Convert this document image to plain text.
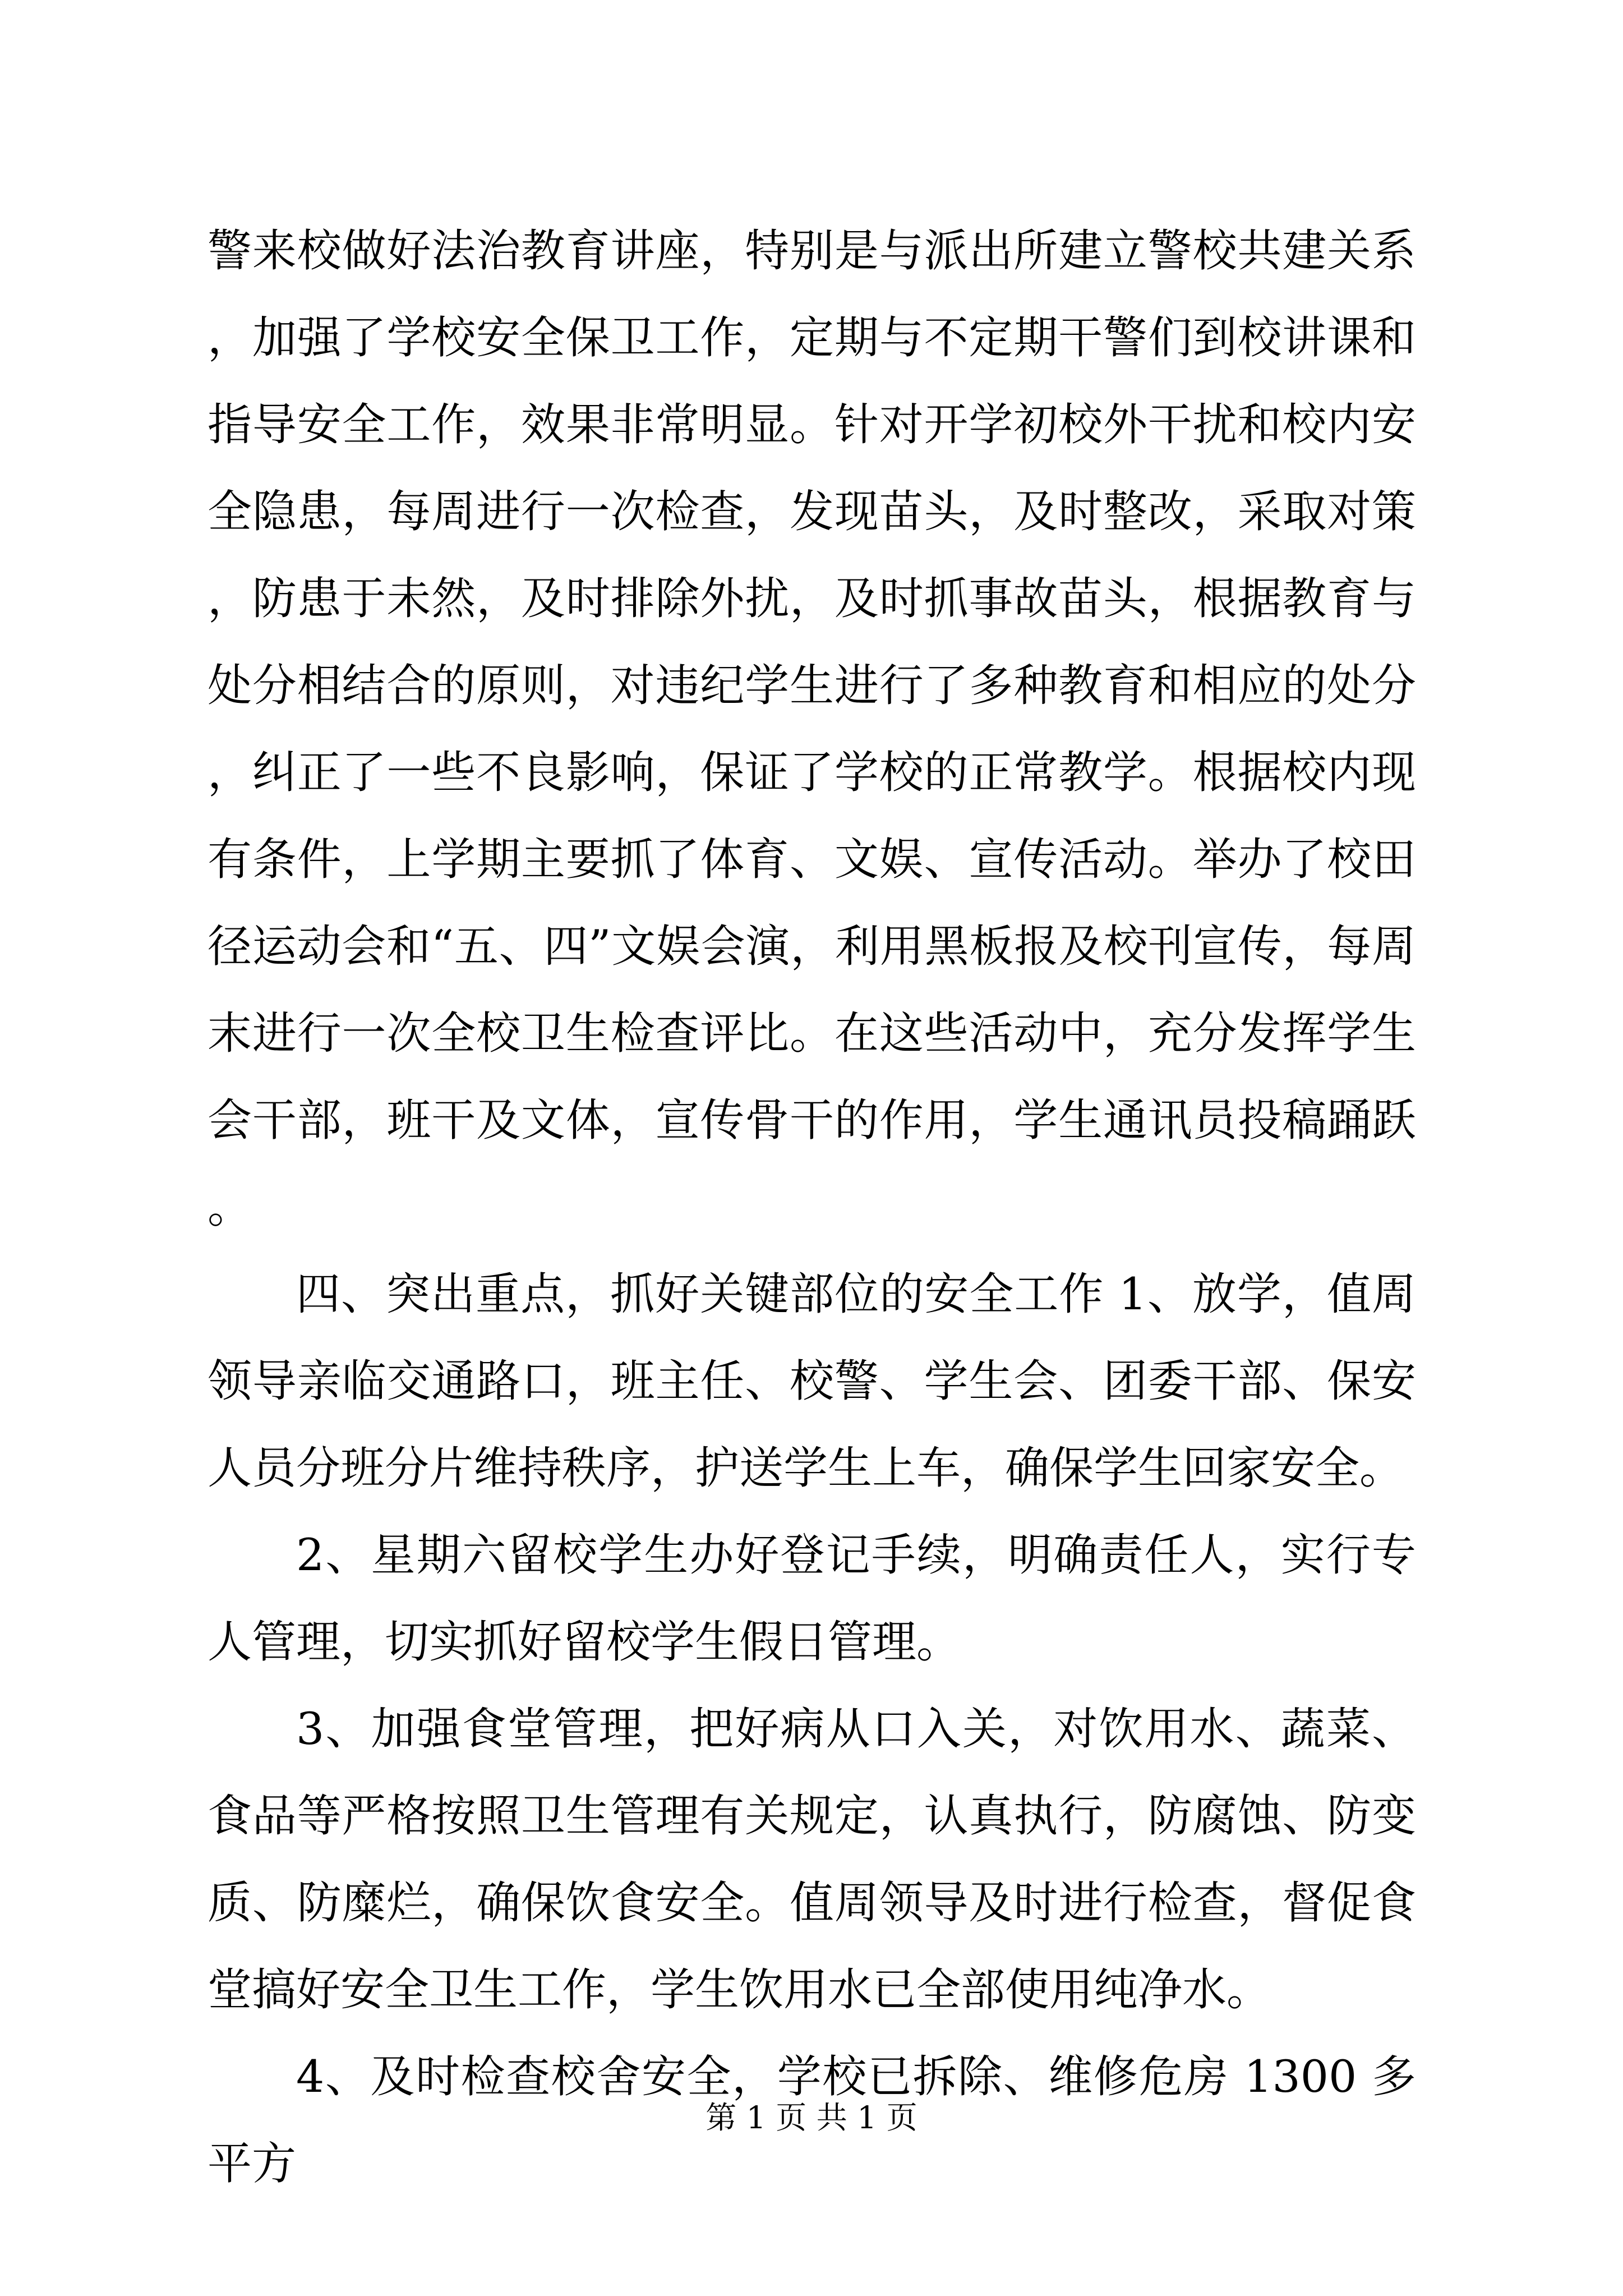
警来校做好法治教育讲座，特别是与派出所建立警校共建关系，加强了学校安全保卫工作，定期与不定期干警们到校讲课和指导安全工作，效果非常明显。针对开学初校外干扰和校内安全隐患，每周进行一次检查，发现苗头，及时整改，采取对策，防患于未然，及时排除外扰，及时抓事故苗头，根据教育与处分相结合的原则，对违纪学生进行了多种教育和相应的处分，纠正了一些不良影响，保证了学校的正常教学。根据校内现有条件，上学期主要抓了体育、文娱、宣传活动。举办了校田径运动会和“五、四”文娱会演，利用黑板报及校刊宣传，每周末进行一次全校卫生检查评比。在这些活动中，充分发挥学生会干部，班干及文体，宣传骨干的作用，学生通讯员投稿踊跃。

四、突出重点，抓好关键部位的安全工作 1、放学，值周领导亲临交通路口，班主任、校警、学生会、团委干部、保安人员分班分片维持秩序，护送学生上车，确保学生回家安全。

2、星期六留校学生办好登记手续，明确责任人，实行专人管理，切实抓好留校学生假日管理。

3、加强食堂管理，把好病从口入关，对饮用水、蔬菜、食品等严格按照卫生管理有关规定，认真执行，防腐蚀、防变质、防糜烂，确保饮食安全。值周领导及时进行检查，督促食堂搞好安全卫生工作，学生饮用水已全部使用纯净水。

4、及时检查校舍安全，学校已拆除、维修危房 1300 多平方

第 1 页 共 1 页
